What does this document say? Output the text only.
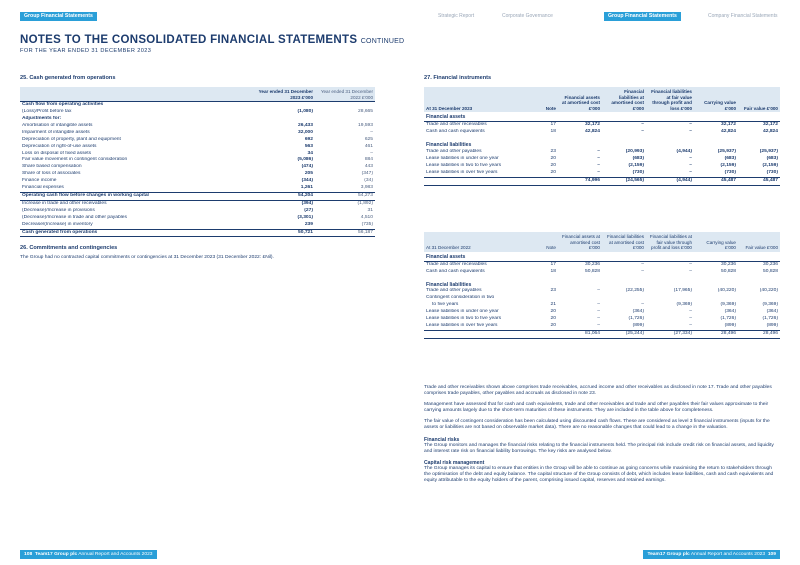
Group Financial Statements	Strategic Report	Corporate Governance	Group Financial Statements	Company Financial Statements
NOTES TO THE CONSOLIDATED FINANCIAL STATEMENTS CONTINUED
FOR THE YEAR ENDED 31 DECEMBER 2023
25. Cash generated from operations
	Year ended 31 December 2023 £'000	Year ended 31 December 2022 £'000
Cash flow from operating activities		
(Loss)/Profit before tax	(1,080)	28,665
Adjustments for:		
Amortisation of intangible assets	26,433	19,593
Impairment of intangible assets	32,000	–
Depreciation of property, plant and equipment	692	625
Depreciation of right-of-use assets	563	461
Loss on disposal of fixed assets	34	–
Fair value movement in contingent consideration	(5,086)	884
Share based compensation	(474)	443
Share of loss of associates	205	(347)
Finance income	(344)	(34)
Financial expenses	1,261	3,983
Operating cash flow before changes in working capital	54,204	54,273
Increase in trade and other receivables	(394)	(1,892)
(Decrease)/Increase in provisions	(27)	31
(Decrease)/Increase in trade and other payables	(3,301)	4,510
Decrease/(Increase) in inventory	239	(735)
Cash generated from operations	50,721	56,187
26. Commitments and contingencies
The Group had no contracted capital commitments or contingencies at 31 December 2023 (31 December 2022: £Nil).
27. Financial instruments
At 31 December 2023	Note	Financial assets at amortised cost £'000	Financial liabilities at amortised cost £'000	Financial liabilities at fair value through profit and loss £'000	Carrying value £'000	Fair value £'000
Financial assets						
Trade and other receivables	17	32,172	–	–	32,172	32,172
Cash and cash equivalents	18	42,824	–	–	42,824	42,824

Financial liabilities						
Trade and other payables	23	–	(20,993)	(4,944)	(25,937)	(25,937)
Lease liabilities in under one year	20	–	(683)	–	(683)	(683)
Lease liabilities in two to five years	20	–	(2,159)	–	(2,159)	(2,159)
Lease liabilities in over five years	20	–	(730)	–	(730)	(730)
		74,996	(24,565)	(4,944)	45,487	45,487
At 31 December 2022	Note	Financial assets at amortised cost £'000	Financial liabilities at amortised cost £'000	Financial liabilities at fair value through profit and loss £'000	Carrying value £'000	Fair value £'000
Financial assets						
Trade and other receivables	17	30,236	–	–	30,236	30,236
Cash and cash equivalents	18	50,828	–	–	50,828	50,828

Financial liabilities						
Trade and other payables	23	–	(22,255)	(17,965)	(40,220)	(40,220)
Contingent consideration in two						
to five years	21	–	–	(9,369)	(9,369)	(9,369)
Lease liabilities in under one year	20	–	(364)	–	(364)	(364)
Lease liabilities in two to five years	20	–	(1,726)	–	(1,726)	(1,726)
Lease liabilities in over five years	20	–	(899)	–	(899)	(899)
		81,064	(25,244)	(27,334)	28,496	28,496
Trade and other receivables shown above comprises trade receivables, accrued income and other receivables as disclosed in note 17. Trade and other payables comprises trade payables, other payables and accruals as disclosed in note 23.
Management have assessed that for cash and cash equivalents, trade and other receivables and trade and other payables their fair values approximate to their carrying amounts largely due to the short-term maturities of these instruments. They are included in the table above for completeness.
The fair value of contingent consideration has been calculated using discounted cash flows. These are considered as level 3 financial instruments (inputs for the assets or liabilities are not based on observable market data). There are no reasonable changes that could lead to a change in the valuation.
Financial risks
The Group monitors and manages the financial risks relating to the financial instruments held. The principal risk include credit risk on financial assets, and liquidity and interest rate risk on financial liability borrowings. The key risks are analysed below.
Capital risk management
The Group manages its capital to ensure that entities in the Group will be able to continue as going concerns while maximising the return to stakeholders through the optimisation of the debt and equity balance. The capital structure of the Group consists of debt, which includes lease liabilities, cash and cash equivalents and equity attributable to the equity holders of the parent, comprising issued capital, reserves and retained earnings.
108 Team17 Group plc Annual Report and Accounts 2023	Team17 Group plc Annual Report and Accounts 2023 109
